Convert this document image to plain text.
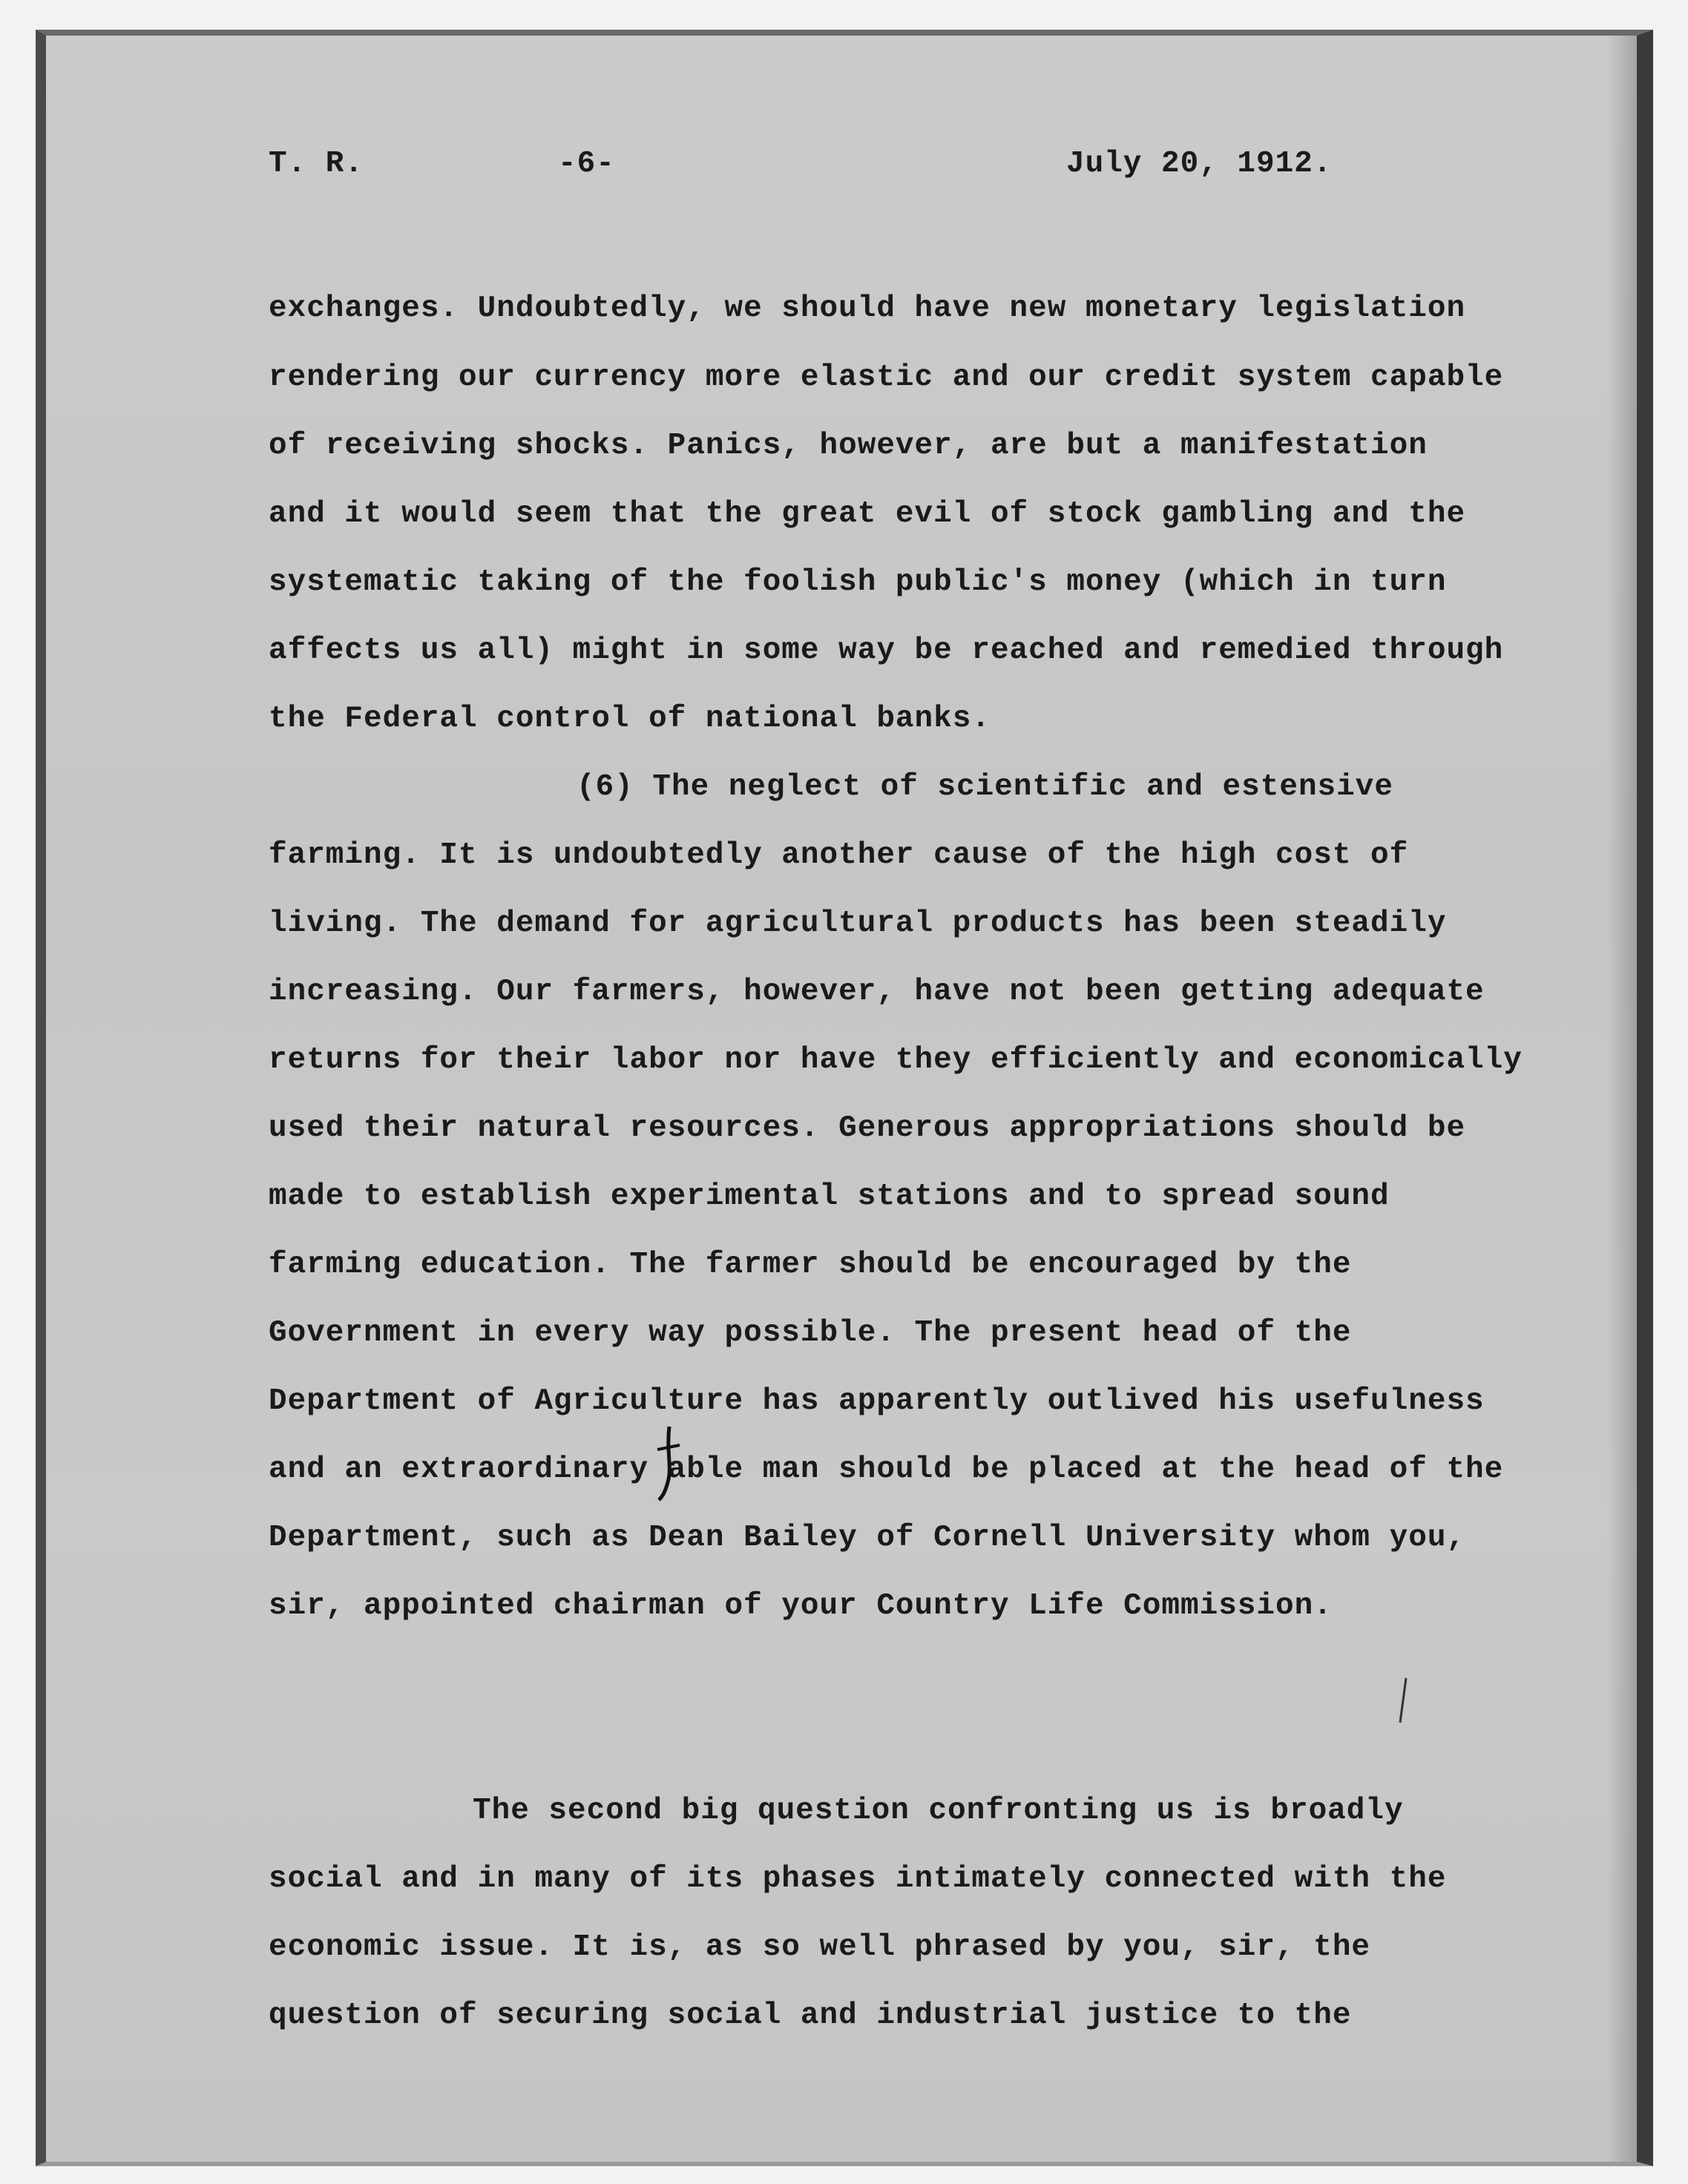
T. R.	-6-	July 20, 1912.
exchanges. Undoubtedly, we should have new monetary legislation
rendering our currency more elastic and our credit system capable
of receiving shocks. Panics, however, are but a manifestation
and it would seem that the great evil of stock gambling and the
systematic taking of the foolish public's money (which in turn
affects us all) might in some way be reached and remedied through
the Federal control of national banks.
(6) The neglect of scientific and estensive
farming. It is undoubtedly another cause of the high cost of
living. The demand for agricultural products has been steadily
increasing. Our farmers, however, have not been getting adequate
returns for their labor nor have they efficiently and economically
used their natural resources. Generous appropriations should be
made to establish experimental stations and to spread sound
farming education. The farmer should be encouraged by the
Government in every way possible. The present head of the
Department of Agriculture has apparently outlived his usefulness
and an extraordinary able man should be placed at the head of the
Department, such as Dean Bailey of Cornell University whom you,
sir, appointed chairman of your Country Life Commission.
The second big question confronting us is broadly
social and in many of its phases intimately connected with the
economic issue. It is, as so well phrased by you, sir, the
question of securing social and industrial justice to the
